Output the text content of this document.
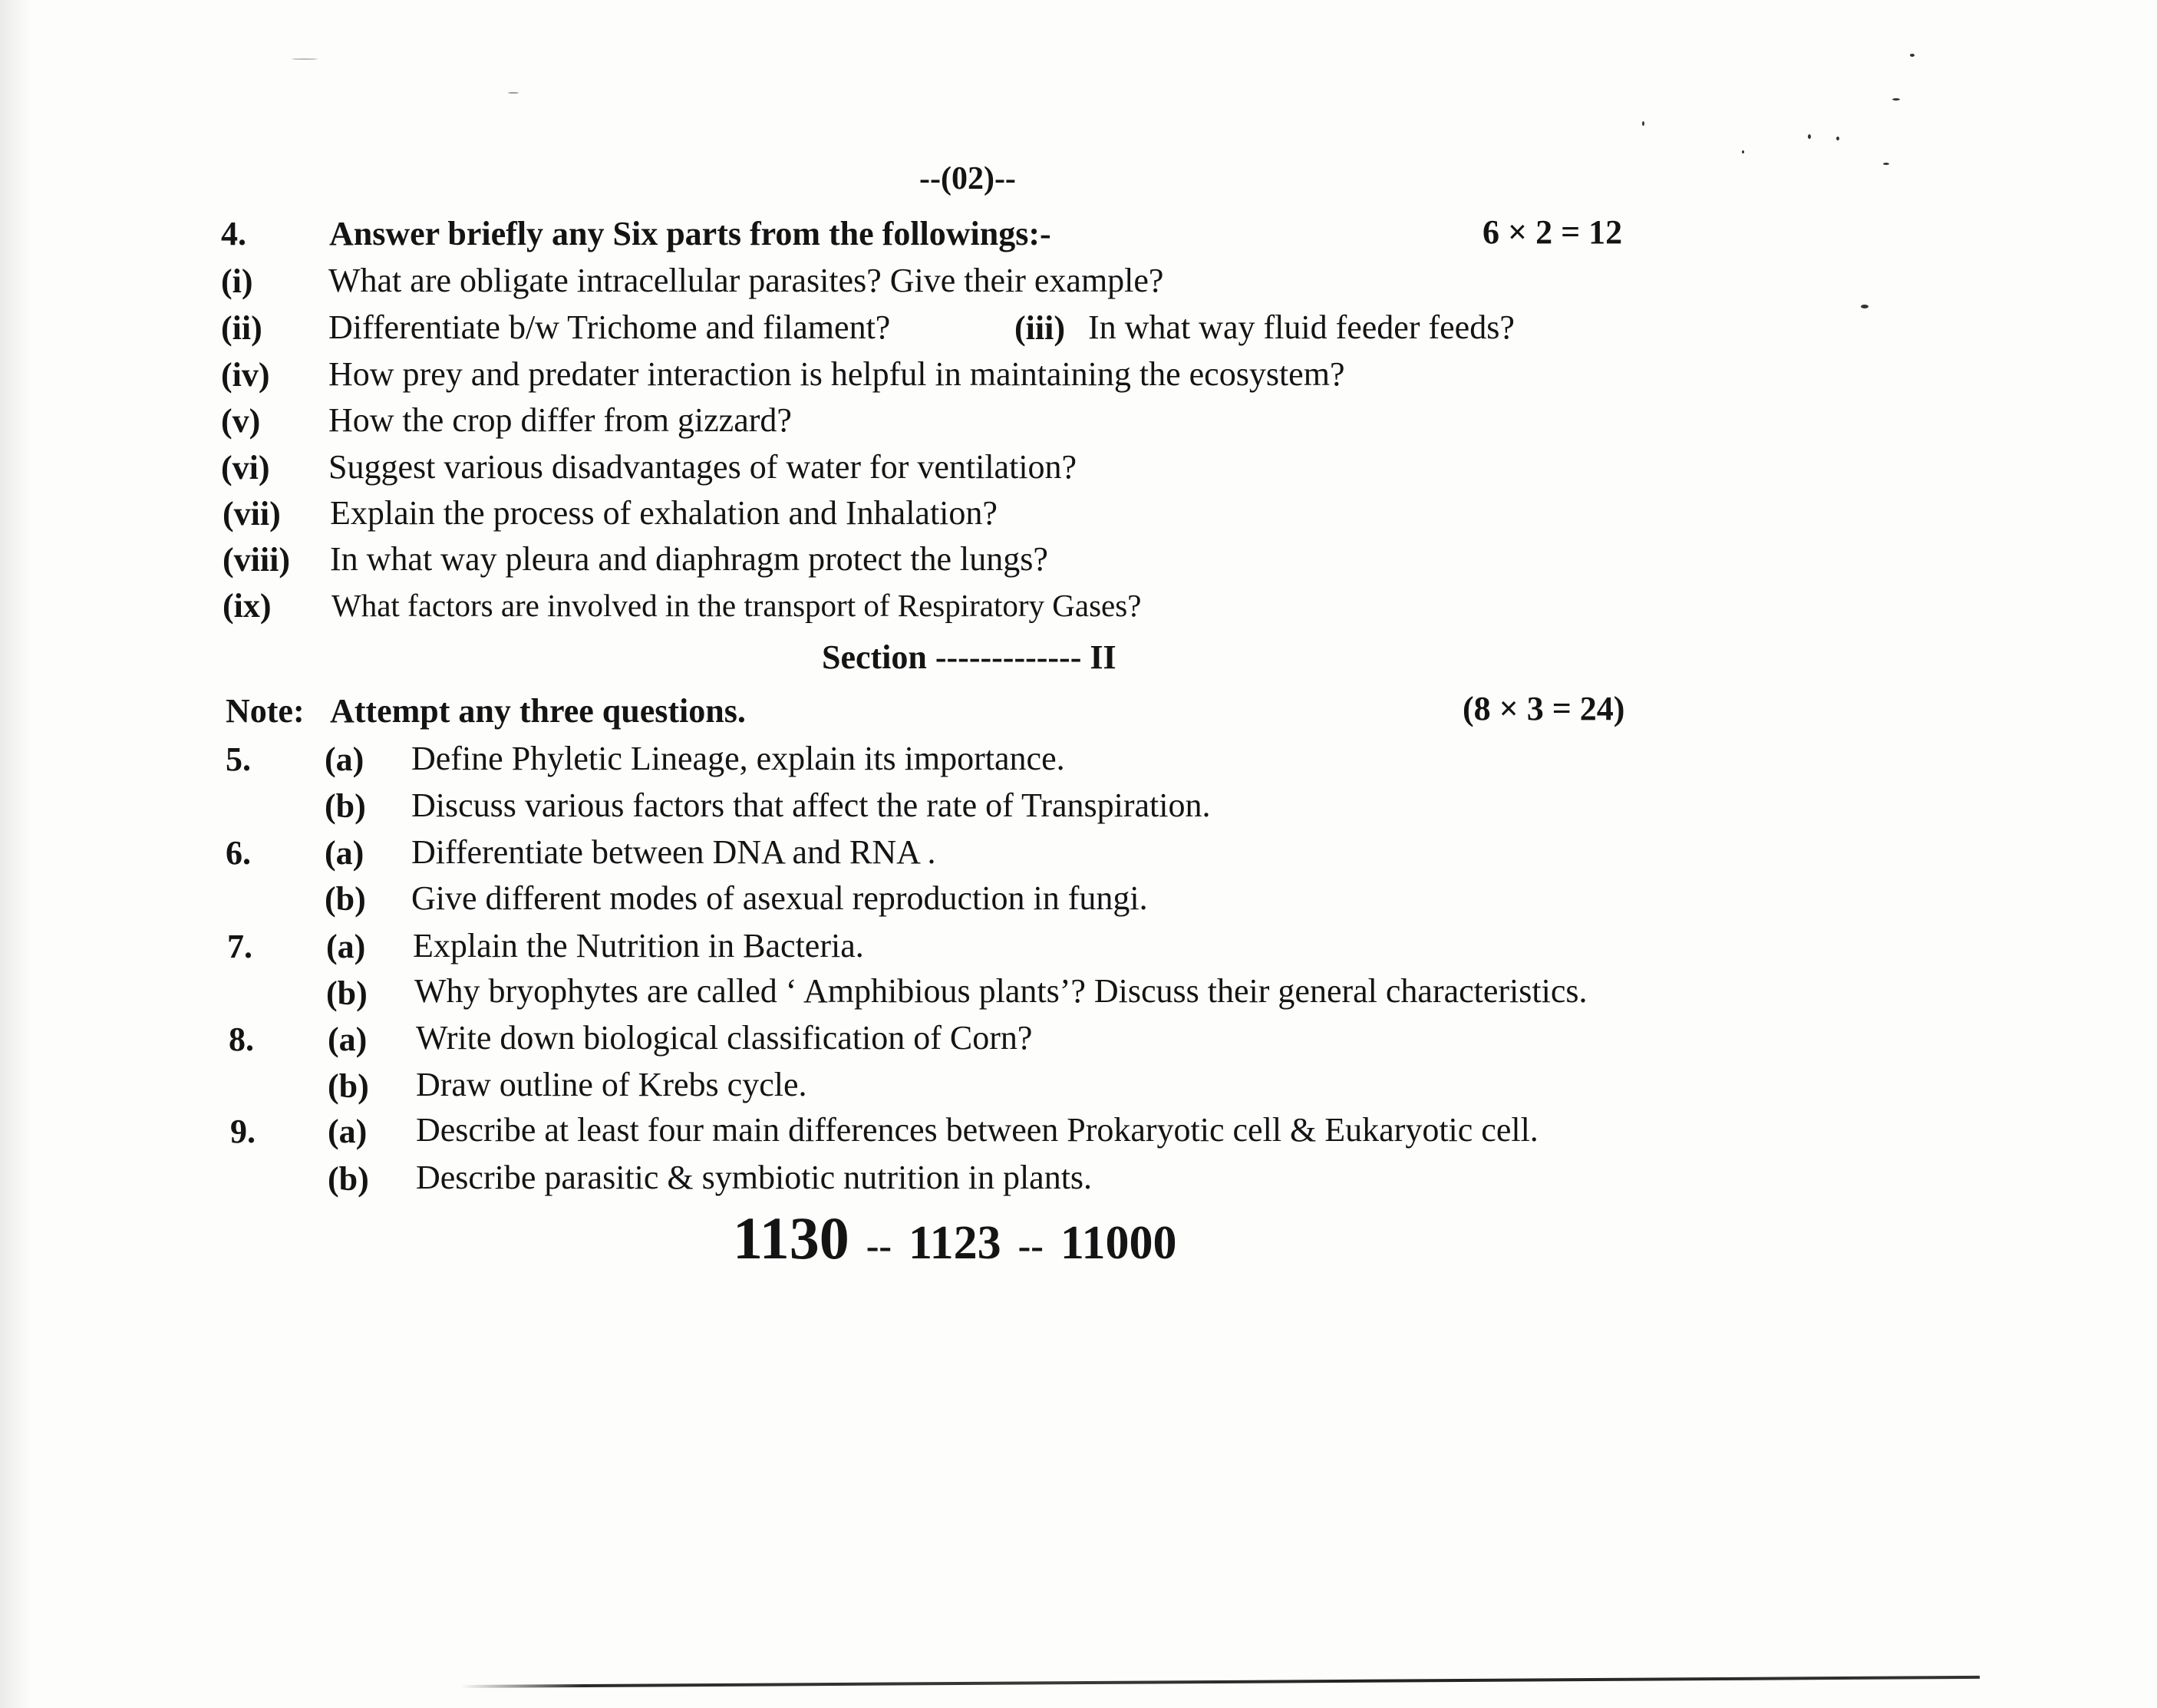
--(02)--
4. Answer briefly any Six parts from the followings:-	6 × 2 = 12
(i) What are obligate intracellular parasites? Give their example?
(ii) Differentiate b/w Trichome and filament?	(iii) In what way fluid feeder feeds?
(iv) How prey and predater interaction is helpful in maintaining the ecosystem?
(v) How the crop differ from gizzard?
(vi) Suggest various disadvantages of water for ventilation?
(vii) Explain the process of exhalation and Inhalation?
(viii) In what way pleura and diaphragm protect the lungs?
(ix) What factors are involved in the transport of Respiratory Gases?
Section ------------- II
Note: Attempt any three questions.	(8 × 3 = 24)
5. (a) Define Phyletic Lineage, explain its importance.
(b) Discuss various factors that affect the rate of Transpiration.
6. (a) Differentiate between DNA and RNA .
(b) Give different modes of asexual reproduction in fungi.
7. (a) Explain the Nutrition in Bacteria.
(b) Why bryophytes are called ‘ Amphibious plants’? Discuss their general characteristics.
8. (a) Write down biological classification of Corn?
(b) Draw outline of Krebs cycle.
9. (a) Describe at least four main differences between Prokaryotic cell & Eukaryotic cell.
(b) Describe parasitic & symbiotic nutrition in plants.
1130 -- 1123 -- 11000
